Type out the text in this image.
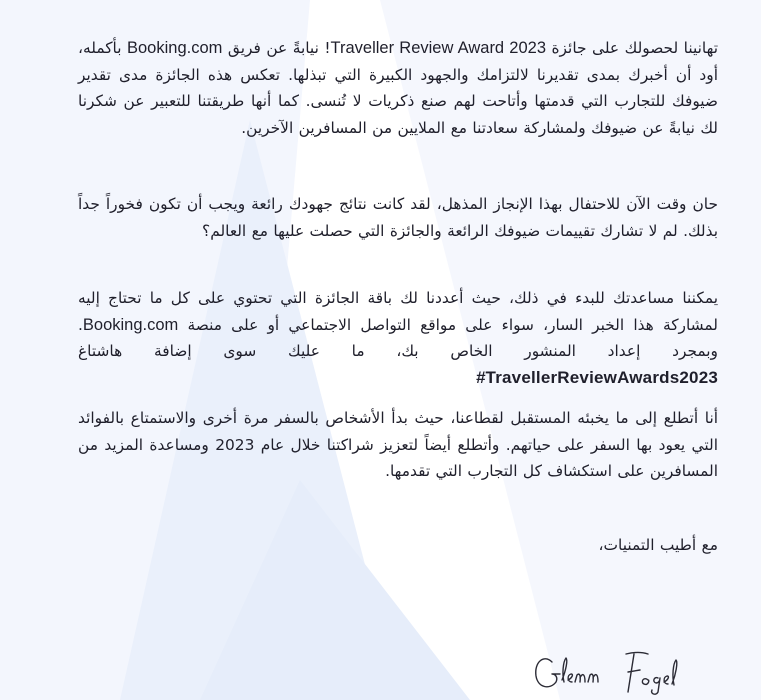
تهانينا لحصولك على جائزة Traveller Review Award 2023! نيابةً عن فريق Booking.com بأكمله، أود أن أخبرك بمدى تقديرنا لالتزامك والجهود الكبيرة التي تبذلها. تعكس هذه الجائزة مدى تقدير ضيوفك للتجارب التي قدمتها وأتاحت لهم صنع ذكريات لا تُنسى. كما أنها طريقتنا للتعبير عن شكرنا لك نيابةً عن ضيوفك ولمشاركة سعادتنا مع الملايين من المسافرين الآخرين.
حان وقت الآن للاحتفال بهذا الإنجاز المذهل، لقد كانت نتائج جهودك رائعة ويجب أن تكون فخوراً جداً بذلك. لم لا تشارك تقييمات ضيوفك الرائعة والجائزة التي حصلت عليها مع العالم؟
يمكننا مساعدتك للبدء في ذلك، حيث أعددنا لك باقة الجائزة التي تحتوي على كل ما تحتاج إليه لمشاركة هذا الخبر السار، سواء على مواقع التواصل الاجتماعي أو على منصة Booking.com. وبمجرد إعداد المنشور الخاص بك، ما عليك سوى إضافة هاشتاغ #TravellerReviewAwards2023
أنا أتطلع إلى ما يخبئه المستقبل لقطاعنا، حيث بدأ الأشخاص بالسفر مرة أخرى والاستمتاع بالفوائد التي يعود بها السفر على حياتهم. وأتطلع أيضاً لتعزيز شراكتنا خلال عام 2023 ومساعدة المزيد من المسافرين على استكشاف كل التجارب التي تقدمها.
مع أطيب التمنيات،
